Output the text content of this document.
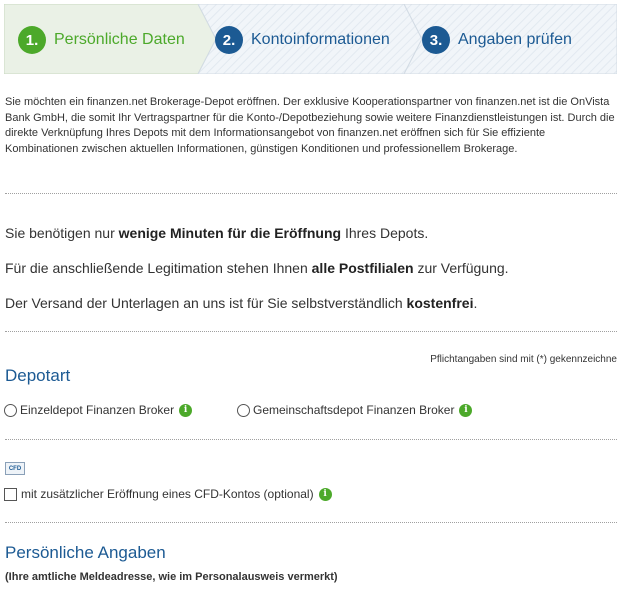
1. Persönliche Daten	2. Kontoinformationen	3. Angaben prüfen
Sie möchten ein finanzen.net Brokerage-Depot eröffnen. Der exklusive Kooperationspartner von finanzen.net ist die OnVista Bank GmbH, die somit Ihr Vertragspartner für die Konto-/Depotbeziehung sowie weitere Finanzdienstleistungen ist. Durch die direkte Verknüpfung Ihres Depots mit dem Informationsangebot von finanzen.net eröffnen sich für Sie effiziente Kombinationen zwischen aktuellen Informationen, günstigen Konditionen und professionellem Brokerage.
Sie benötigen nur wenige Minuten für die Eröffnung Ihres Depots.
Für die anschließende Legitimation stehen Ihnen alle Postfilialen zur Verfügung.
Der Versand der Unterlagen an uns ist für Sie selbstverständlich kostenfrei.
Pflichtangaben sind mit (*) gekennzeichne
Depotart
Einzeldepot Finanzen Broker	i	Gemeinschaftsdepot Finanzen Broker	i
CFD
mit zusätzlicher Eröffnung eines CFD-Kontos (optional)	i
Persönliche Angaben
(Ihre amtliche Meldeadresse, wie im Personalausweis vermerkt)
